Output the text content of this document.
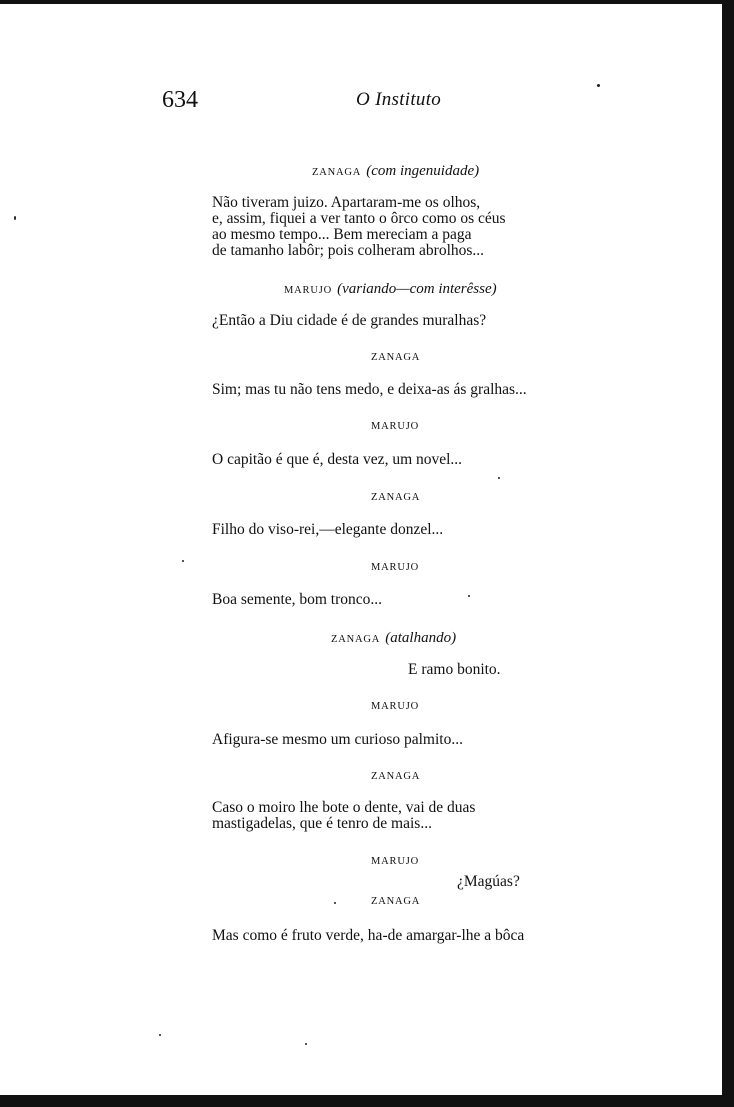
634	O Instituto
ZANAGA (com ingenuidade)
Não tiveram juizo. Apartaram-me os olhos,
e, assim, fiquei a ver tanto o ôrco como os céus
ao mesmo tempo... Bem mereciam a paga
de tamanho labôr; pois colheram abrolhos...
MARUJO (variando—com interêsse)
¿Então a Diu cidade é de grandes muralhas?
ZANAGA
Sim; mas tu não tens medo, e deixa-as ás gralhas...
MARUJO
O capitão é que é, desta vez, um novel...
ZANAGA
Filho do viso-rei,—elegante donzel...
MARUJO
Boa semente, bom tronco...
ZANAGA (atalhando)
E ramo bonito.
MARUJO
Afigura-se mesmo um curioso palmito...
ZANAGA
Caso o moiro lhe bote o dente, vai de duas
mastigadelas, que é tenro de mais...
MARUJO
¿Magúas?
ZANAGA
Mas como é fruto verde, ha-de amargar-lhe a bôca
